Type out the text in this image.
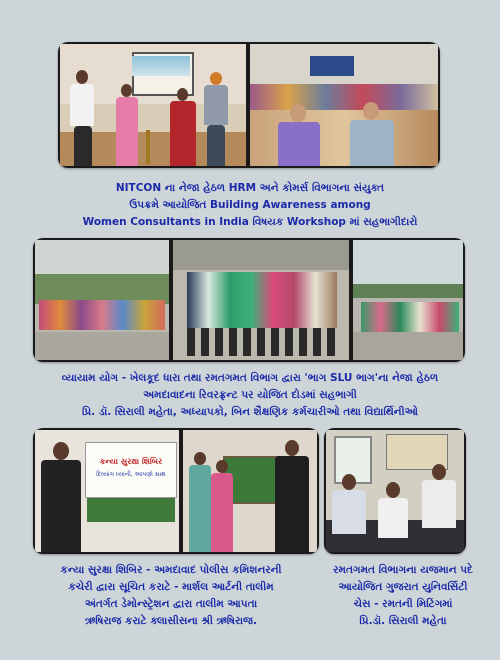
NITCON ના નેજા હેઠળ HRM અને કોમર્સ વિભાગના સંયુક્ત
ઉપક્રમે આયોજિત Building Awareness among
Women Consultants in India વિષયક Workshop માં સહભાગીદારો
વ્યાયામ યોગ - ખેલકૂદ ધારા તથા રમતગમત વિભાગ દ્વારા 'ભાગ SLU ભાગ'ના નેજા હેઠળ
અમદાવાદના રિવરફ્રન્ટ પર યોજિત દોડમાં સહભાગી
પ્રિ. ડૉ. સિરાલી મહેતા, અધ્યાપકો, બિન શૈક્ષણિક કર્મચારીઓ તથા વિદ્યાર્થિનીઓ
કન્યા સુરક્ષા શિબિર
દિવ્યાંગ ધ્યાની, આપણો સાથ
કન્યા સુરક્ષા શિબિર - અમદાવાદ પોલીસ કમિશનરની
કચેરી દ્વારા સૂચિત કરાટે - માર્શલ આર્ટની તાલીમ
અંતર્ગત ડેમોન્સ્ટ્રેશન દ્વારા તાલીમ આપતા
ઋષિરાજ કરાટે ક્લાસીસના શ્રી ઋષિરાજ.
રમતગમત વિભાગના યજમાન પદે
આયોજિત ગુજરાત યુનિવર્સિટી
ચેસ - રમતની મિટિંગમાં
પ્રિ.ડૉ. સિરાલી મહેતા
